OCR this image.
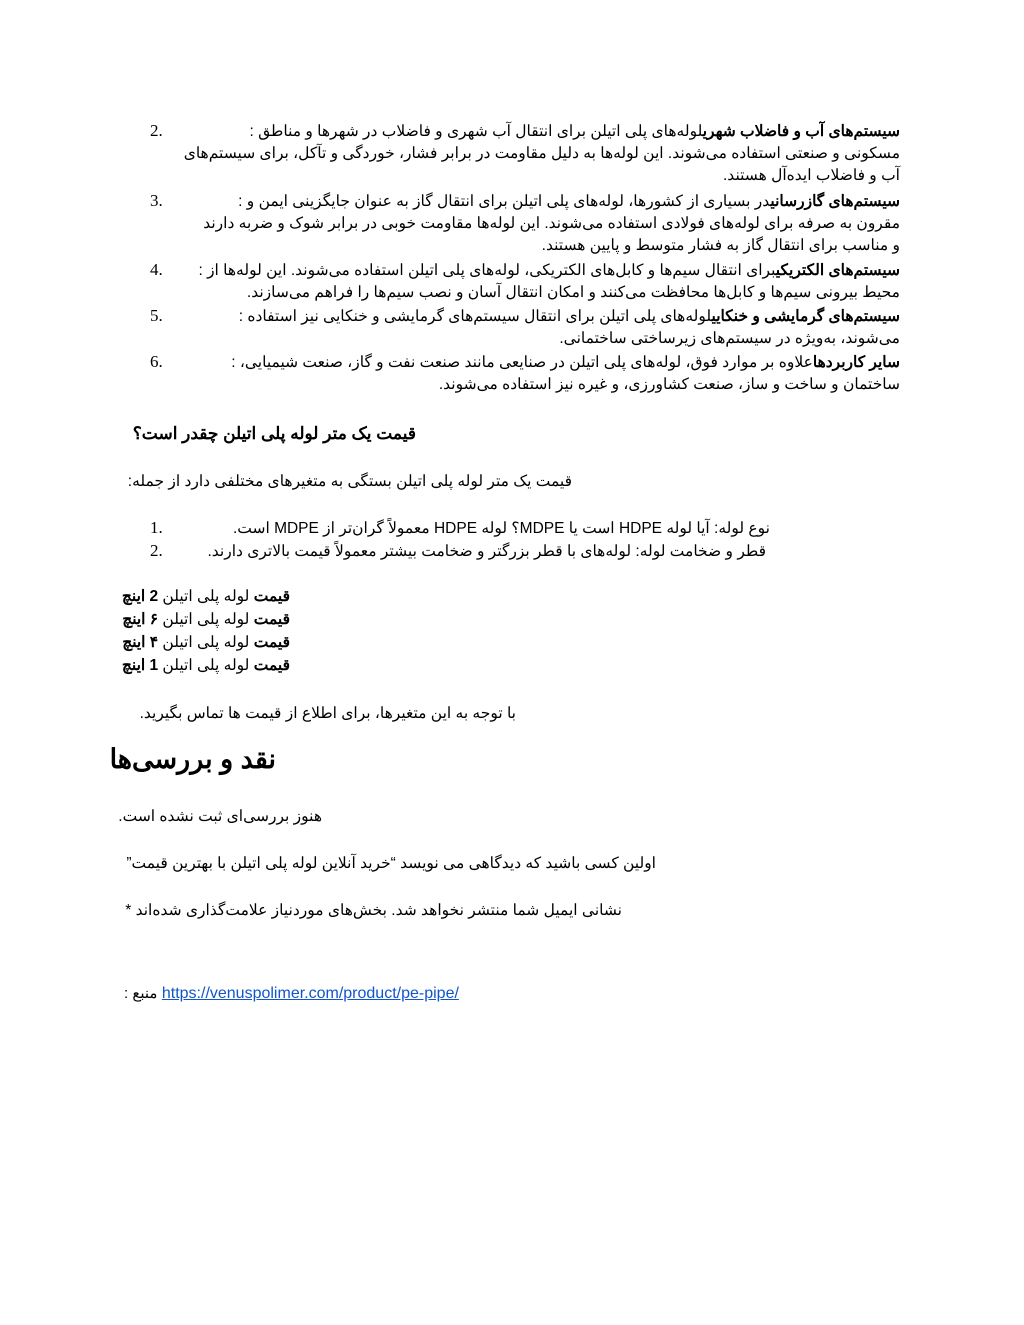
2.	سیستم‌های آب و فاضلاب شهریلوله‌های پلی اتیلن برای انتقال آب شهری و فاضلاب در شهرها و مناطق :
مسکونی و صنعتی استفاده می‌شوند. این لوله‌ها به دلیل مقاومت در برابر فشار، خوردگی و تآکل، برای سیستم‌های
آب و فاضلاب ایده‌آل هستند.
3.	سیستم‌های گازرسانیدر بسیاری از کشورها، لوله‌های پلی اتیلن برای انتقال گاز به عنوان جایگزینی ایمن و :
مقرون به صرفه برای لوله‌های فولادی استفاده می‌شوند. این لوله‌ها مقاومت خوبی در برابر شوک و ضربه دارند
و مناسب برای انتقال گاز به فشار متوسط و پایین هستند.
4.	سیستم‌های الکتریکیبرای انتقال سیم‌ها و کابل‌های الکتریکی، لوله‌های پلی اتیلن استفاده می‌شوند. این لوله‌ها از :
محیط بیرونی سیم‌ها و کابل‌ها محافظت می‌کنند و امکان انتقال آسان و نصب سیم‌ها را فراهم می‌سازند.
5.	سیستم‌های گرمایشی و خنکاییلوله‌های پلی اتیلن برای انتقال سیستم‌های گرمایشی و خنکایی نیز استفاده :
می‌شوند، به‌ویژه در سیستم‌های زیرساختی ساختمانی.
6.	سایر کاربردهاعلاوه بر موارد فوق، لوله‌های پلی اتیلن در صنایعی مانند صنعت نفت و گاز، صنعت شیمیایی، :
ساختمان و ساخت و ساز، صنعت کشاورزی، و غیره نیز استفاده می‌شوند.
قیمت یک متر لوله پلی اتیلن چقدر است؟
قیمت یک متر لوله پلی اتیلن بستگی به متغیرهای مختلفی دارد از جمله:
1.	نوع لوله: آیا لوله HDPE است یا MDPE؟ لوله HDPE معمولاً گران‌تر از MDPE است.
2.	قطر و ضخامت لوله: لوله‌های با قطر بزرگتر و ضخامت بیشتر معمولاً قیمت بالاتری دارند.
قیمت لوله پلی اتیلن 2 اینچ
قیمت لوله پلی اتیلن ۶ اینچ
قیمت لوله پلی اتیلن ۴ اینچ
قیمت لوله پلی اتیلن 1 اینچ
با توجه به این متغیرها، برای اطلاع از قیمت ها تماس بگیرید.
نقد و بررسی‌ها
هنوز بررسی‌ای ثبت نشده است.
اولین کسی باشید که دیدگاهی می نویسد “خرید آنلاین لوله پلی اتیلن با بهترین قیمت”
نشانی ایمیل شما منتشر نخواهد شد. بخش‌های موردنیاز علامت‌گذاری شده‌اند *
منبع : https://venuspolimer.com/product/pe-pipe/
